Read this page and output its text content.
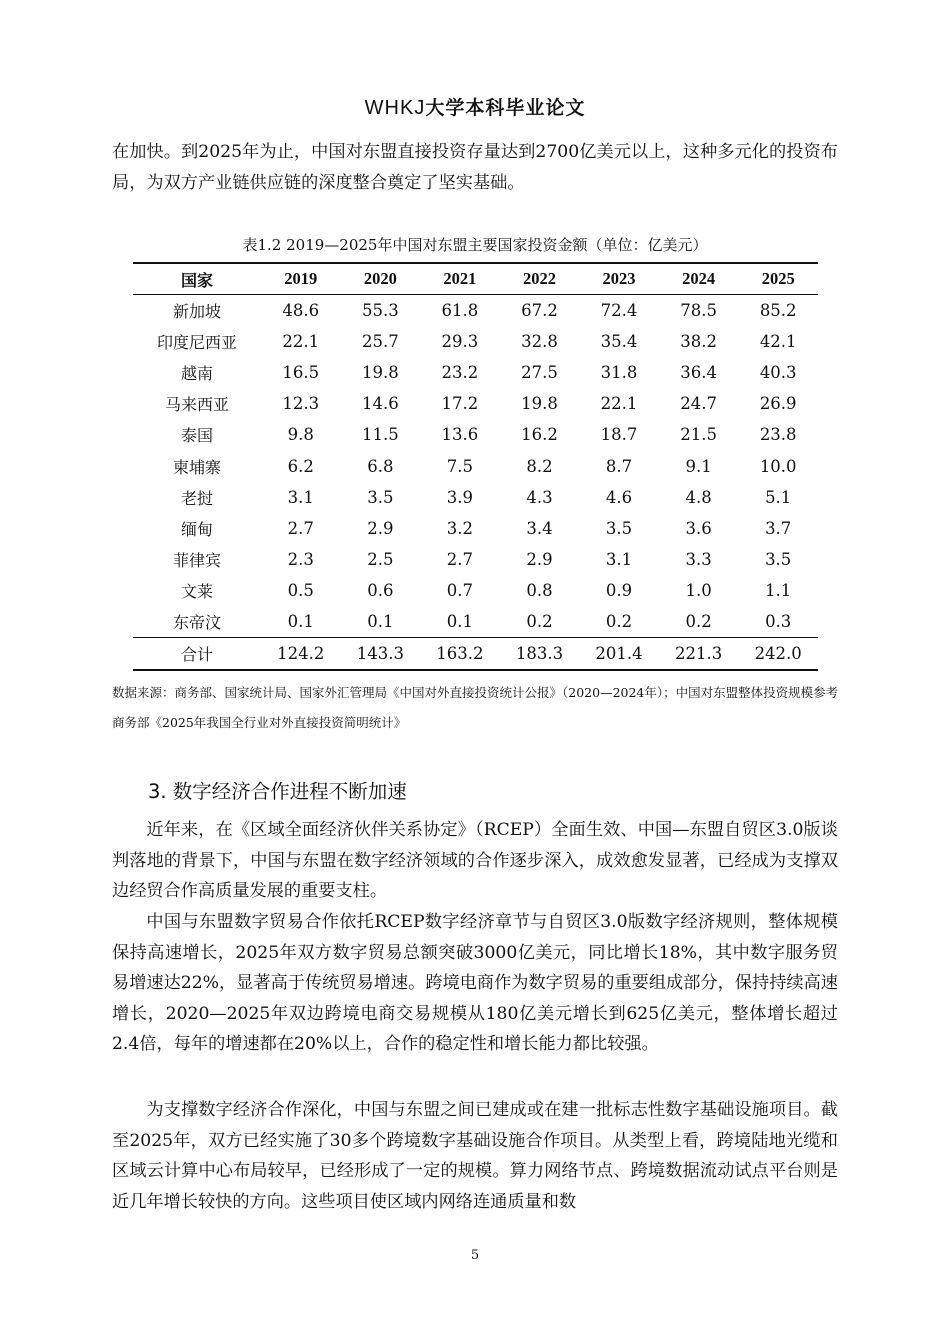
WHKJ大学本科毕业论文
在加快。到2025年为止，中国对东盟直接投资存量达到2700亿美元以上，这种多元化的投资布局，为双方产业链供应链的深度整合奠定了坚实基础。
表1.2 2019—2025年中国对东盟主要国家投资金额（单位：亿美元）
国家	2019	2020	2021	2022	2023	2024	2025
新加坡	48.6	55.3	61.8	67.2	72.4	78.5	85.2
印度尼西亚	22.1	25.7	29.3	32.8	35.4	38.2	42.1
越南	16.5	19.8	23.2	27.5	31.8	36.4	40.3
马来西亚	12.3	14.6	17.2	19.8	22.1	24.7	26.9
泰国	9.8	11.5	13.6	16.2	18.7	21.5	23.8
柬埔寨	6.2	6.8	7.5	8.2	8.7	9.1	10.0
老挝	3.1	3.5	3.9	4.3	4.6	4.8	5.1
缅甸	2.7	2.9	3.2	3.4	3.5	3.6	3.7
菲律宾	2.3	2.5	2.7	2.9	3.1	3.3	3.5
文莱	0.5	0.6	0.7	0.8	0.9	1.0	1.1
东帝汶	0.1	0.1	0.1	0.2	0.2	0.2	0.3
合计	124.2	143.3	163.2	183.3	201.4	221.3	242.0
数据来源：商务部、国家统计局、国家外汇管理局《中国对外直接投资统计公报》（2020—2024年）；中国对东盟整体投资规模参考商务部《2025年我国全行业对外直接投资简明统计》
3. 数字经济合作进程不断加速
近年来，在《区域全面经济伙伴关系协定》（RCEP）全面生效、中国—东盟自贸区3.0版谈判落地的背景下，中国与东盟在数字经济领域的合作逐步深入，成效愈发显著，已经成为支撑双边经贸合作高质量发展的重要支柱。
中国与东盟数字贸易合作依托RCEP数字经济章节与自贸区3.0版数字经济规则，整体规模保持高速增长，2025年双方数字贸易总额突破3000亿美元，同比增长18%，其中数字服务贸易增速达22%，显著高于传统贸易增速。跨境电商作为数字贸易的重要组成部分，保持持续高速增长，2020—2025年双边跨境电商交易规模从180亿美元增长到625亿美元，整体增长超过2.4倍，每年的增速都在20%以上，合作的稳定性和增长能力都比较强。
为支撑数字经济合作深化，中国与东盟之间已建成或在建一批标志性数字基础设施项目。截至2025年，双方已经实施了30多个跨境数字基础设施合作项目。从类型上看，跨境陆地光缆和区域云计算中心布局较早，已经形成了一定的规模。算力网络节点、跨境数据流动试点平台则是近几年增长较快的方向。这些项目使区域内网络连通质量和数
5
